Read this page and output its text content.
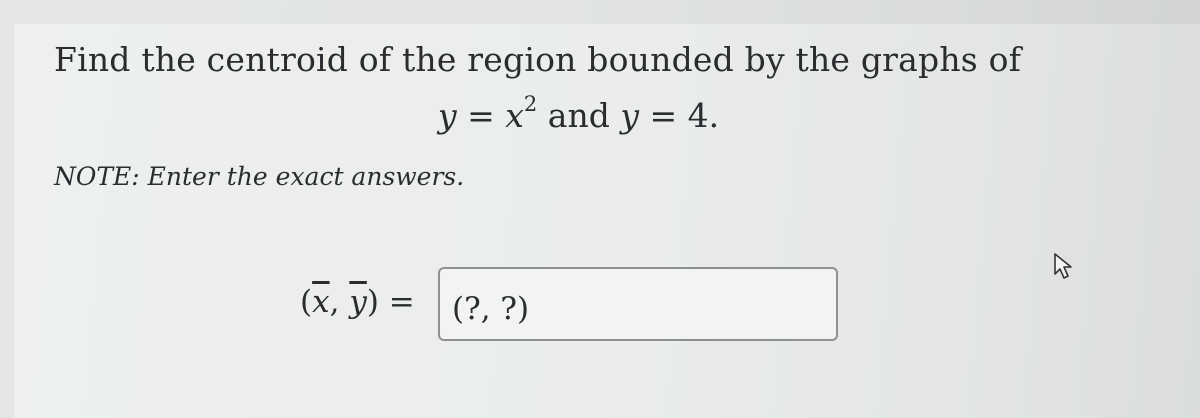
Find the centroid of the region bounded by the graphs of
$y = x^2$ and y = 4.
NOTE: Enter the exact answers.
($\overline{x}$, $\overline{y}$) =
(?, ?)
